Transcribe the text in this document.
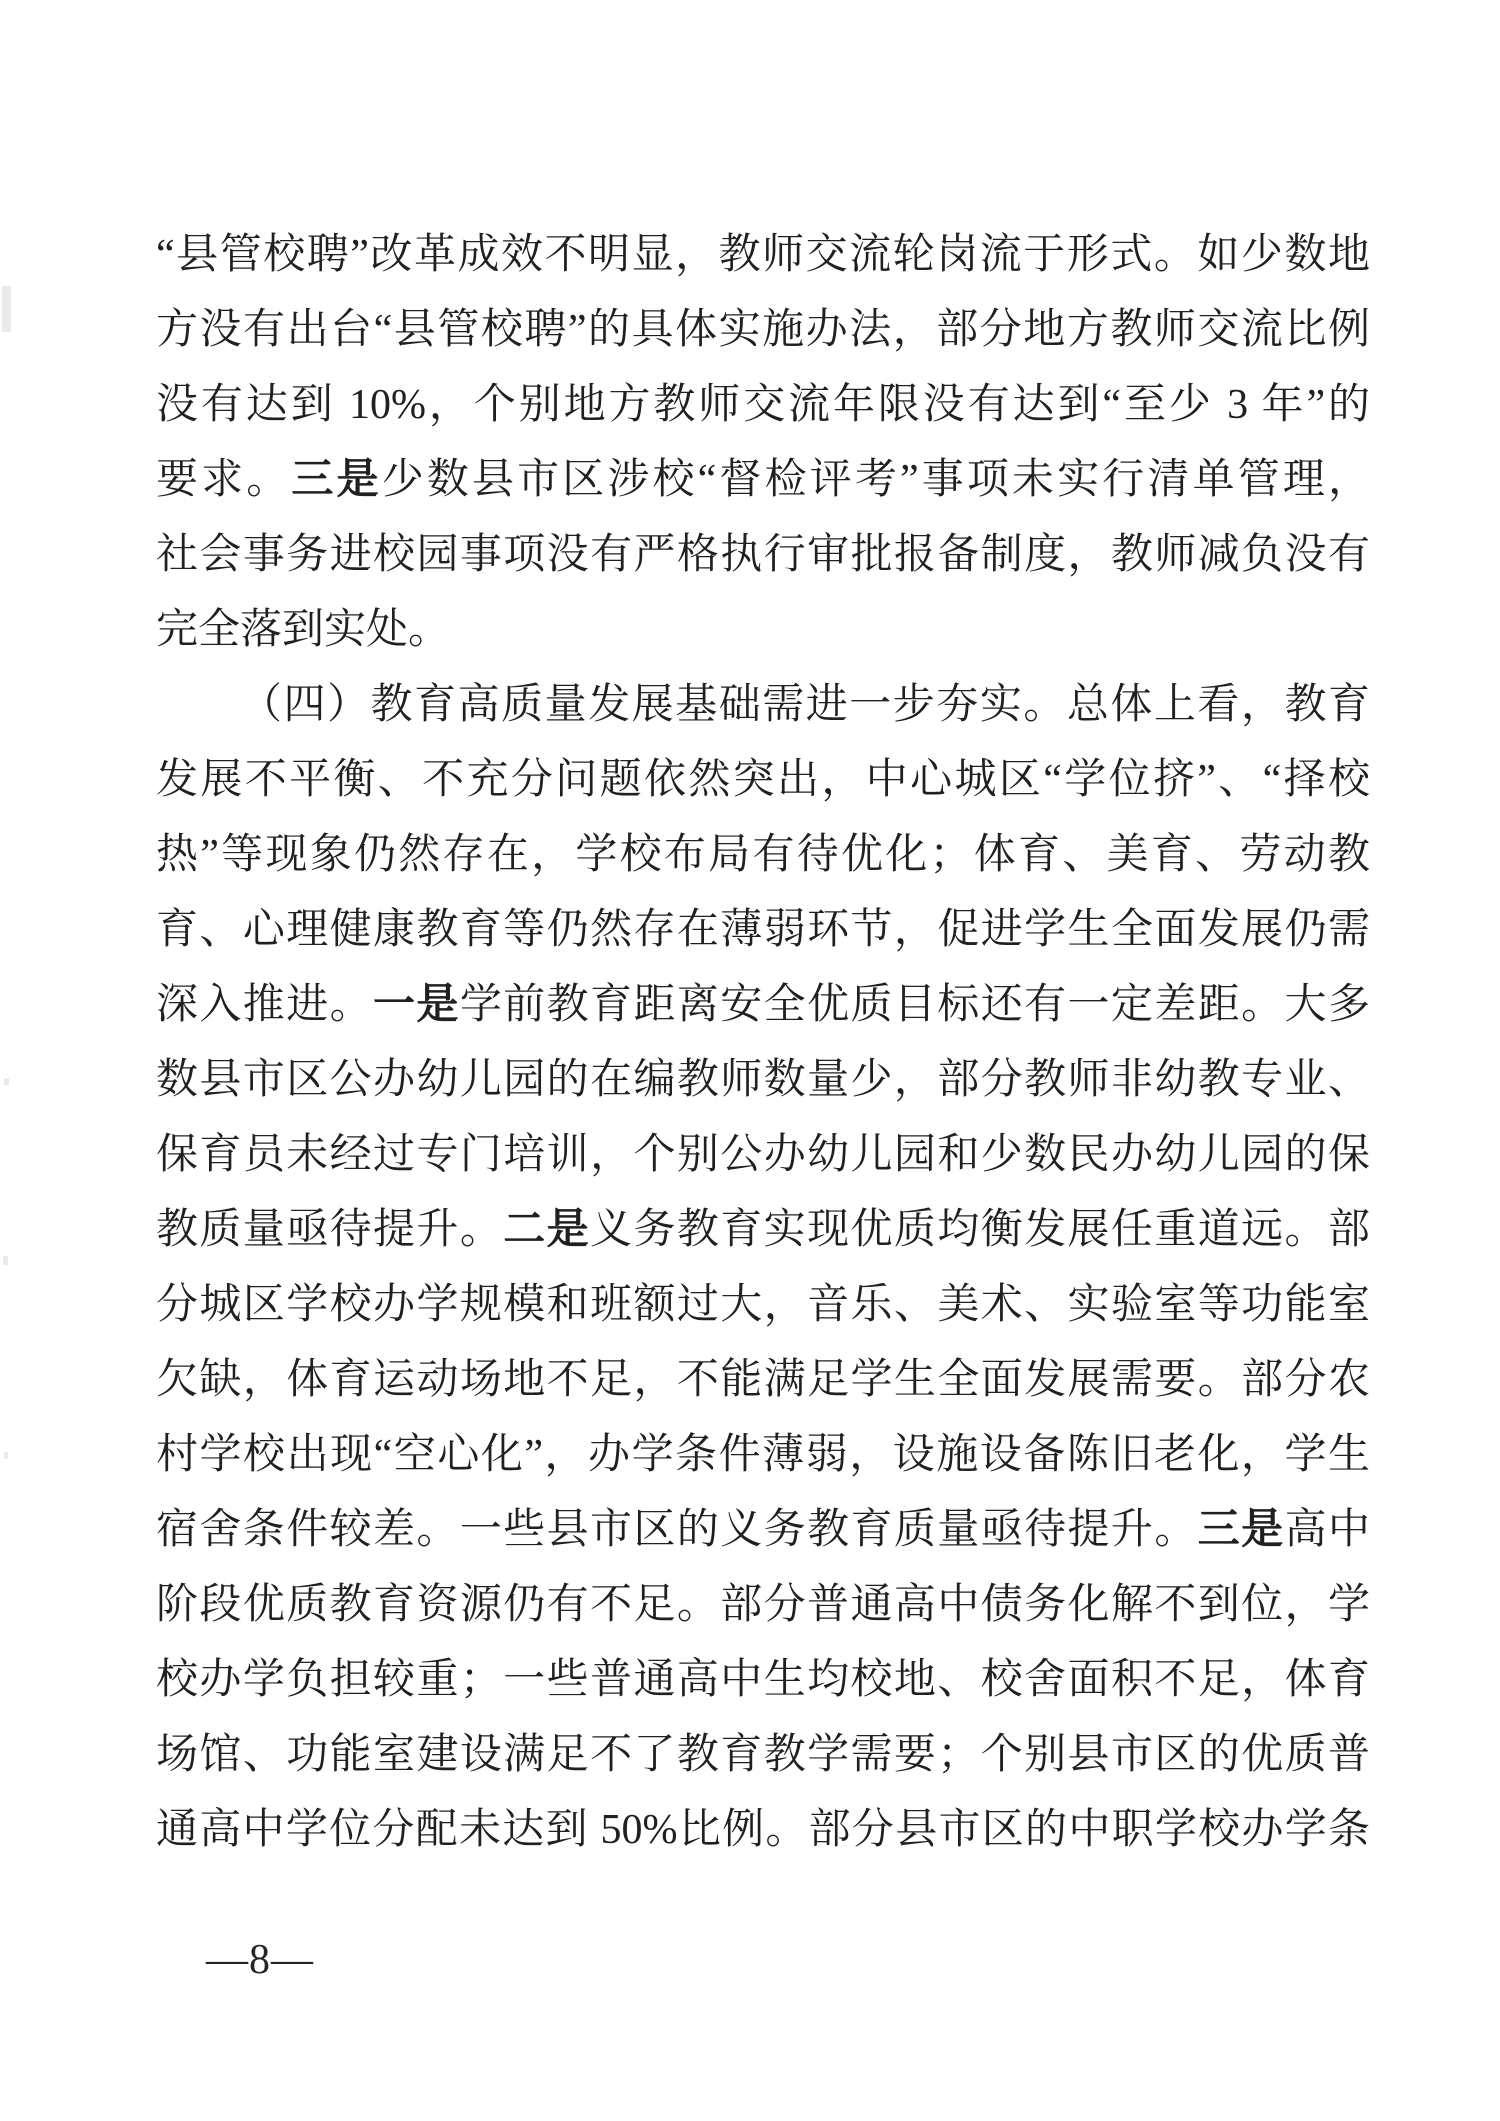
“县管校聘”改革成效不明显，教师交流轮岗流于形式。如少数地
方没有出台“县管校聘”的具体实施办法，部分地方教师交流比例
没有达到 10%，个别地方教师交流年限没有达到“至少 3 年”的
要求。三是少数县市区涉校“督检评考”事项未实行清单管理，
社会事务进校园事项没有严格执行审批报备制度，教师减负没有
完全落到实处。
（四）教育高质量发展基础需进一步夯实。总体上看，教育
发展不平衡、不充分问题依然突出，中心城区“学位挤”、“择校
热”等现象仍然存在，学校布局有待优化；体育、美育、劳动教
育、心理健康教育等仍然存在薄弱环节，促进学生全面发展仍需
深入推进。一是学前教育距离安全优质目标还有一定差距。大多
数县市区公办幼儿园的在编教师数量少，部分教师非幼教专业、
保育员未经过专门培训，个别公办幼儿园和少数民办幼儿园的保
教质量亟待提升。二是义务教育实现优质均衡发展任重道远。部
分城区学校办学规模和班额过大，音乐、美术、实验室等功能室
欠缺，体育运动场地不足，不能满足学生全面发展需要。部分农
村学校出现“空心化”，办学条件薄弱，设施设备陈旧老化，学生
宿舍条件较差。一些县市区的义务教育质量亟待提升。三是高中
阶段优质教育资源仍有不足。部分普通高中债务化解不到位，学
校办学负担较重；一些普通高中生均校地、校舍面积不足，体育
场馆、功能室建设满足不了教育教学需要；个别县市区的优质普
通高中学位分配未达到 50%比例。部分县市区的中职学校办学条
—8—
